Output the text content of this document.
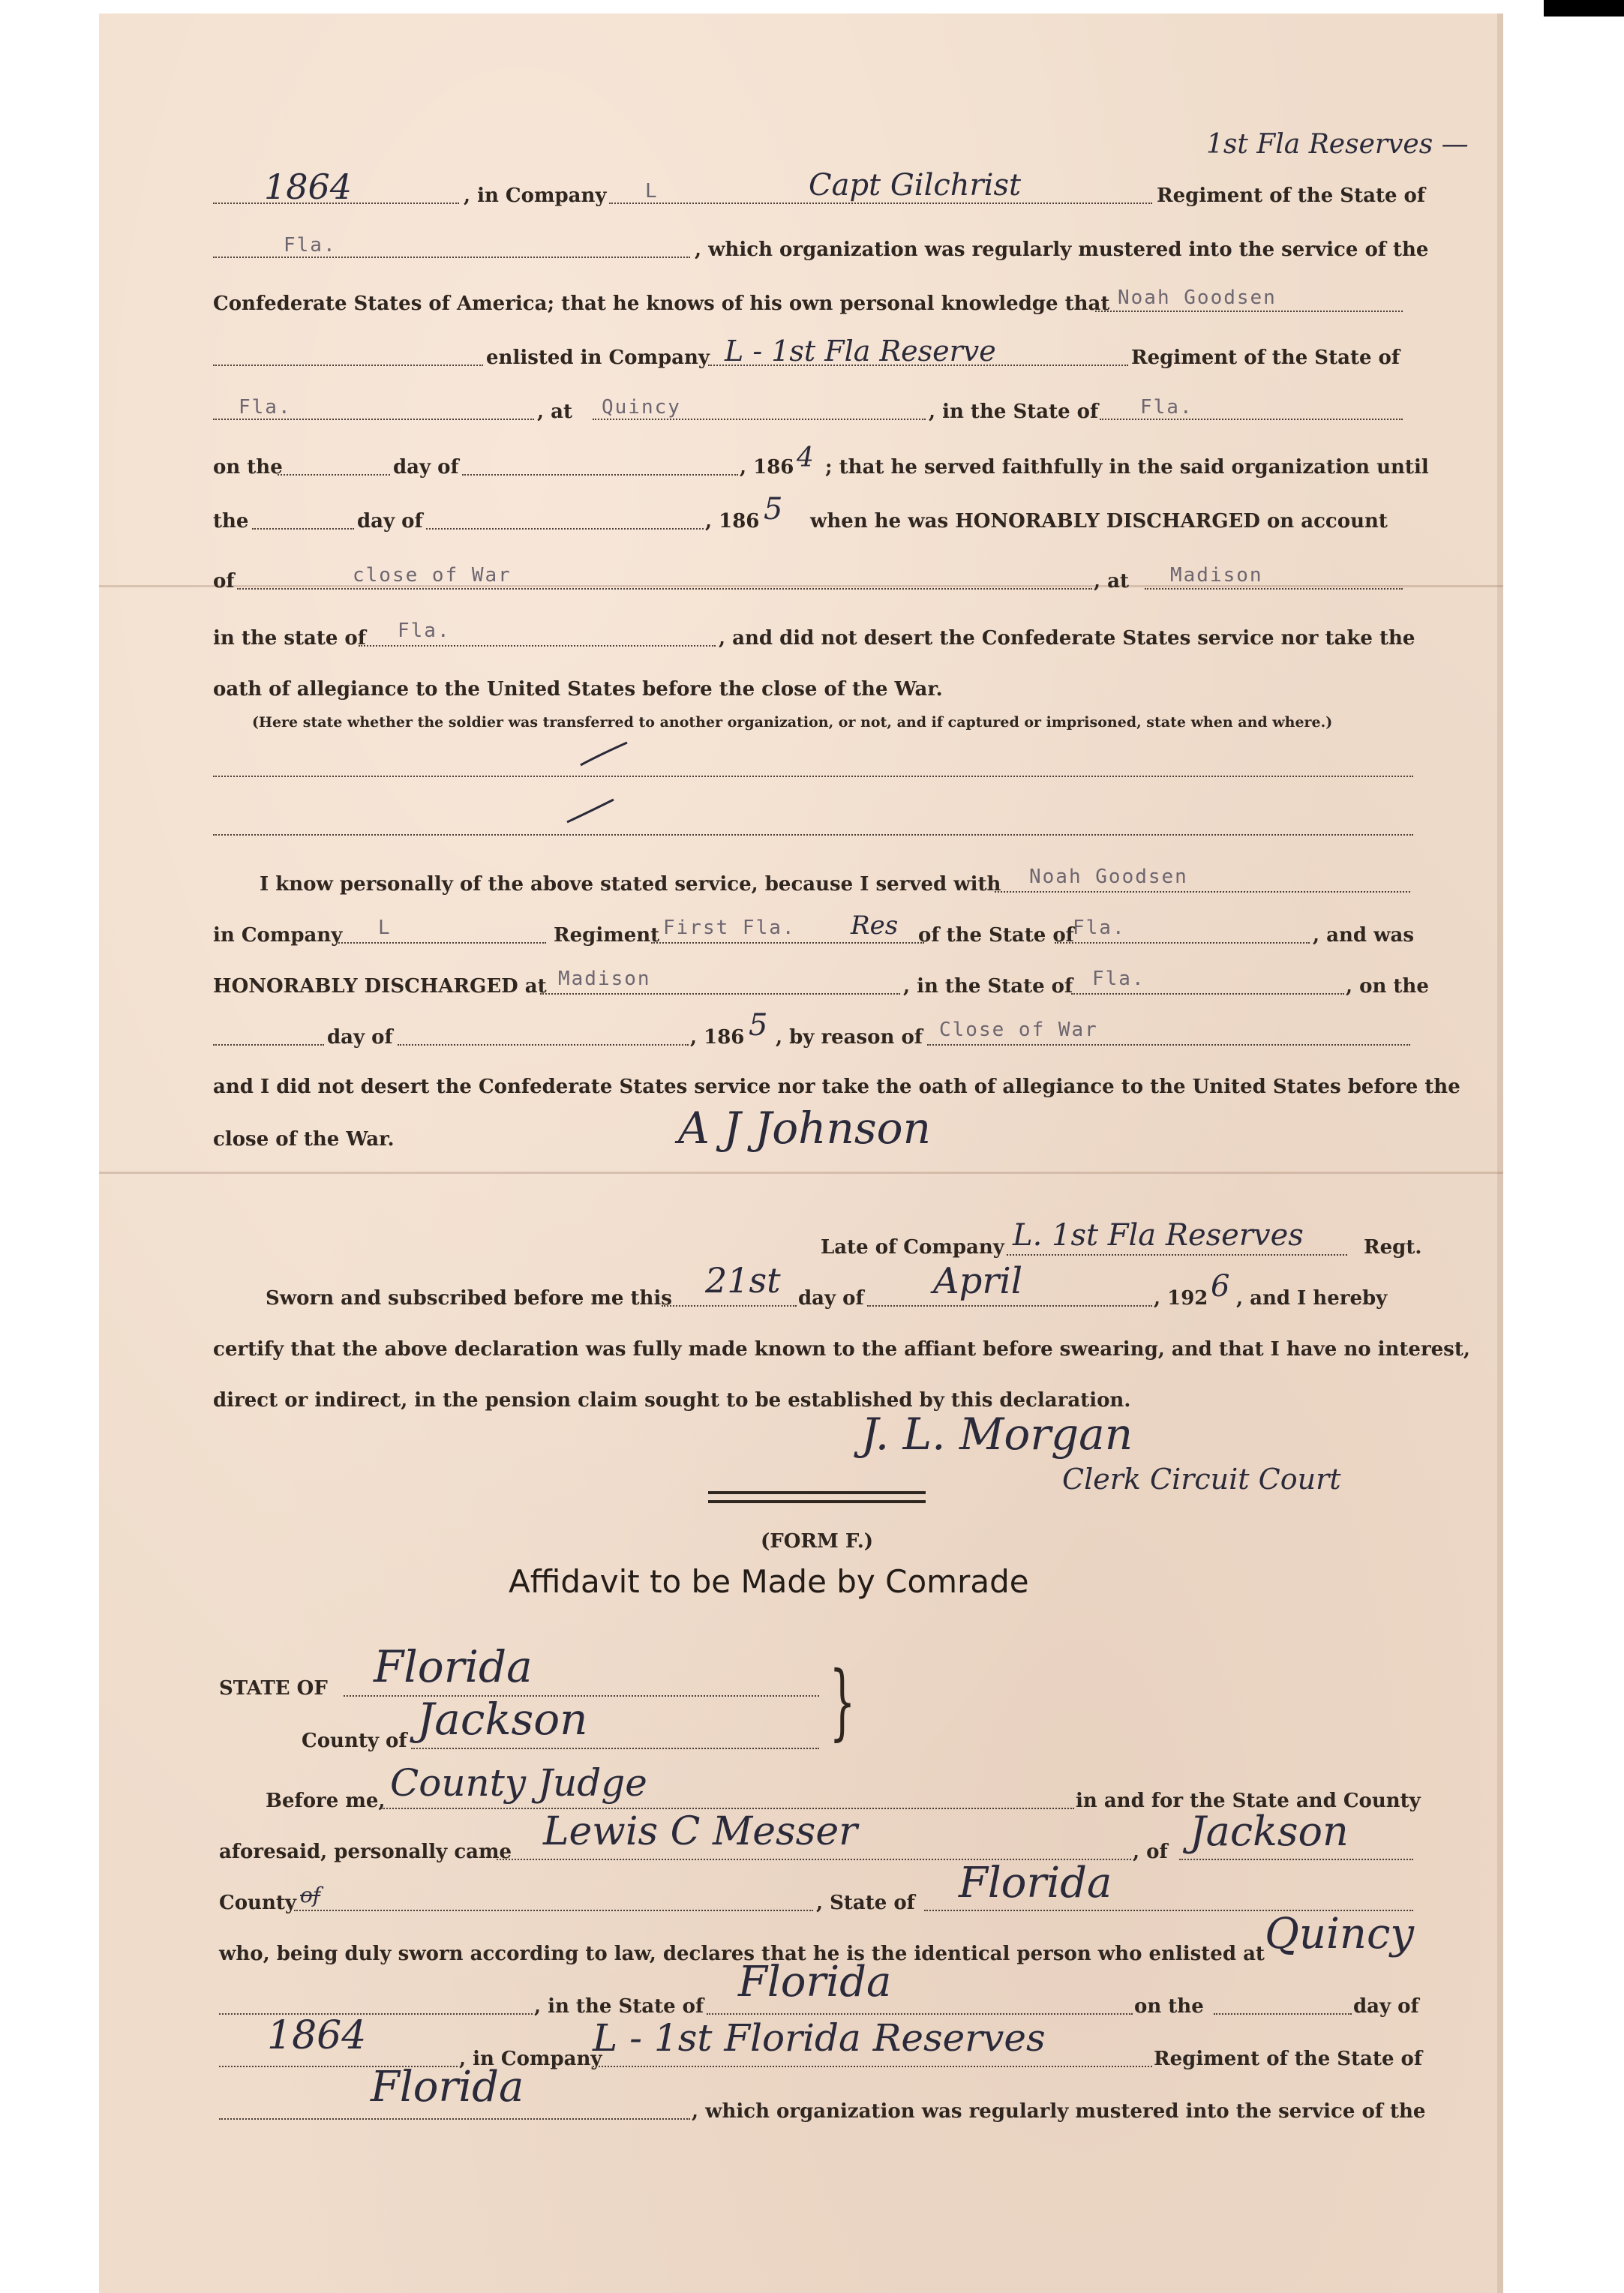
1864	, in Company L	Capt Gilchrist
1st Fla Reserves —
Regiment of the State of
Fla.	, which organization was regularly mustered into the service of the
Confederate States of America; that he knows of his own personal knowledge that Noah Goodsen
enlisted in Company L - 1st Fla Reserve	Regiment of the State of
Fla.	, at Quincy	, in the State of Fla.
on the	day of	, 186 4 ; that he served faithfully in the said organization until
the	day of	, 186 5 when he was HONORABLY DISCHARGED on account
of	close of War	, at Madison
in the state of Fla.	, and did not desert the Confederate States service nor take the
oath of allegiance to the United States before the close of the War.
(Here state whether the soldier was transferred to another organization, or not, and if captured or imprisoned, state when and where.)
I know personally of the above stated service, because I served with Noah Goodsen
in Company L	Regiment First Fla. Res of the State of
Fla.	, and was
HONORABLY DISCHARGED at Madison	, in the State of Fla.	, on the
day of	, 186 5 , by reason of Close of War
and I did not desert the Confederate States service nor take the oath of allegiance to the United States before the
close of the War.	A J Johnson
Late of Company L. 1st Fla Reserves	Regt.
Sworn and subscribed before me this 21st day of April	, 192 6 , and I hereby
certify that the above declaration was fully made known to the affiant before swearing, and that I have no interest,
direct or indirect, in the pension claim sought to be established by this declaration.
J. L. Morgan
Clerk Circuit Court
(FORM F.)
Affidavit to be Made by Comrade
STATE OF Florida
County of Jackson	}
Before me, County Judge	in and for the State and County
aforesaid, personally came Lewis C Messer	, of Jackson
County of	, State of Florida
who, being duly sworn according to law, declares that he is the identical person who enlisted at Quincy
, in the State of Florida	on the	day of
1864
, in Company
L - 1st Florida Reserves	Regiment of the State of
Florida	, which organization was regularly mustered into the service of the
